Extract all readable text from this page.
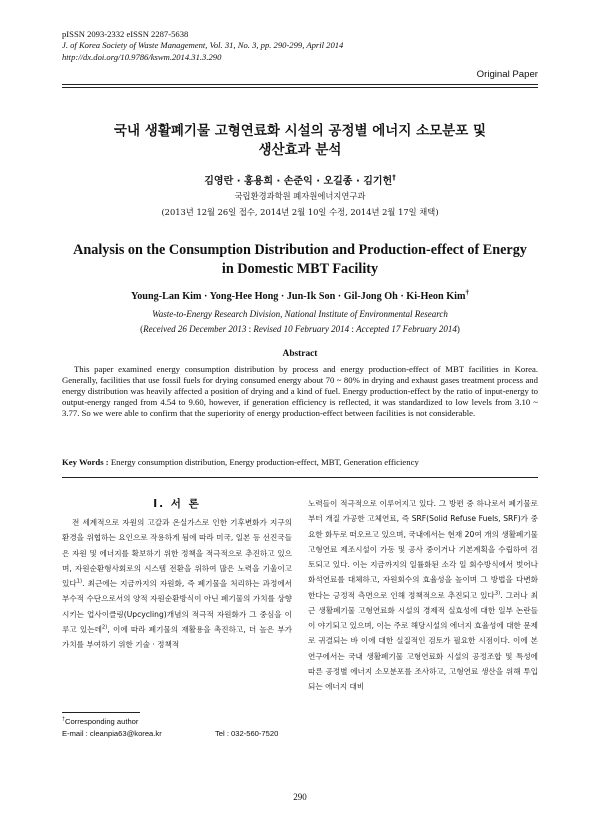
pISSN 2093-2332 eISSN 2287-5638
J. of Korea Society of Waste Management, Vol. 31, No. 3, pp. 290-299, April 2014
http://dx.doi.org/10.9786/kswm.2014.31.3.290
Original Paper
국내 생활폐기물 고형연료화 시설의 공정별 에너지 소모분포 및
생산효과 분석
김영란 · 홍용희 · 손준익 · 오길종 · 김기헌†
국립환경과학원 폐자원에너지연구과
(2013년 12월 26일 접수, 2014년 2월 10일 수정, 2014년 2월 17일 채택)
Analysis on the Consumption Distribution and Production-effect of Energy
in Domestic MBT Facility
Young-Lan Kim · Yong-Hee Hong · Jun-Ik Son · Gil-Jong Oh · Ki-Heon Kim†
Waste-to-Energy Research Division, National Institute of Environmental Research
(Received 26 December 2013 : Revised 10 February 2014 : Accepted 17 February 2014)
Abstract
This paper examined energy consumption distribution by process and energy production-effect of MBT facilities in Korea. Generally, facilities that use fossil fuels for drying consumed energy about 70 ~ 80% in drying and exhaust gases treatment process and energy distribution was heavily affected a position of drying and a kind of fuel. Energy production-effect by the ratio of input-energy to output-energy ranged from 4.54 to 9.60, however, if generation efficiency is reflected, it was standardized to low levels from 3.10 ~ 3.77. So we were able to confirm that the superiority of energy production-effect between facilities is not considerable.
Key Words : Energy consumption distribution, Energy production-effect, MBT, Generation efficiency
I. 서 론

전 세계적으로 자원의 고갈과 온실가스로 인한 기후변화가 지구의 환경을 위협하는 요인으로 작용하게 됨에 따라 미국, 일본 등 선진국들은 자원 및 에너지를 확보하기 위한 정책을 적극적으로 추진하고 있으며, 자원순환형사회로의 시스템 전환을 위하여 많은 노력을 기울이고 있다$^{1)}$. 최근에는 지금까지의 자원화, 즉 폐기물을 처리하는 과정에서 부수적 수단으로서의 양적 자원순환방식이 아닌 폐기물의 가치를 상향시키는 업사이클링(Upcycling)개념의 적극적 자원화가 그 중심을 이루고 있는데$^{2)}$, 이에 따라 폐기물의 재활용을 촉진하고, 더 높은 부가가치를 부여하기 위한 기술 · 정책적

노력들이 적극적으로 이루어지고 있다. 그 방편 중 하나로서 폐기물로부터 개질 가공한 고체연료, 즉 SRF(Solid Refuse Fuels, SRF)가 중요한 화두로 떠오르고 있으며, 국내에서는 현재 20여 개의 생활폐기물 고형연료 제조시설이 가동 및 공사 중이거나 기본계획을 수립하여 검토되고 있다. 이는 지금까지의 일률화된 소각 일 회수방식에서 벗어나 화석연료를 대체하고, 자원회수의 효율성을 높이며 그 방법을 다변화한다는 긍정적 측면으로 인해 정책적으로 추진되고 있다$^{3)}$. 그러나 최근 생활폐기물 고형연료화 시설의 경제적 실효성에 대한 일부 논란들이 야기되고 있으며, 이는 주로 해당시설의 에너지 효율성에 대한 문제로 귀결되는 바 이에 대한 실질적인 검토가 필요한 시점이다. 이에 본 연구에서는 국내 생활폐기물 고형연료화 시설의 공정조합 및 특성에 따른 공정별 에너지 소모분포를 조사하고, 고형연료 생산을 위해 투입되는 에너지 대비

†Corresponding author
E-mail : cleanpia63@korea.kr	Tel : 032-560-7520
290
